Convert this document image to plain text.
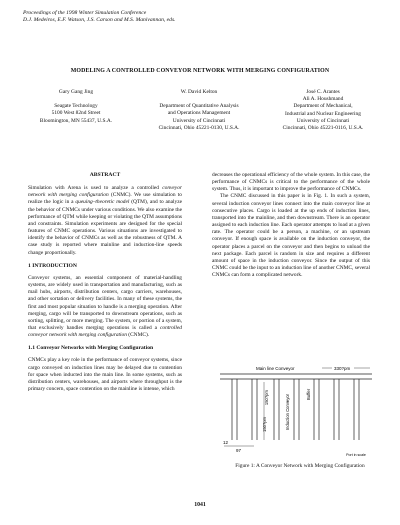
Proceedings of the 1998 Winter Simulation Conference
D.J. Medeiros, E.F. Watson, J.S. Carson and M.S. Manivannan, eds.
MODELING A CONTROLLED CONVEYOR NETWORK WITH MERGING CONFIGURATION
Gary Gang Jing
Seagate Technology
5100 West 82nd Street
Bloomington, MN 55437, U.S.A.
W. David Kelton
Department of Quantitative Analysis
and Operations Management
University of Cincinnati
Cincinnati, Ohio 45221-0130, U.S.A.
José C. Arantes
Ali A. Houshmand
Department of Mechanical,
Industrial and Nuclear Engineering
University of Cincinnati
Cincinnati, Ohio 45221-0116, U.S.A.

ABSTRACT

Simulation with Arena is used to analyze a controlled conveyor network with merging configuration (CNMC). We use simulation to realize the logic in a queuing–theoretic model (QTM), and to analyze the behavior of CNMCs under various conditions. We also examine the performance of QTM while keeping or violating the QTM assumptions and constraints. Simulation experiments are designed for the special features of CNMC operations. Various situations are investigated to identify the behavior of CNMCs as well as the robustness of QTM. A case study is reported where mainline and induction-line speeds change proportionally.

1 INTRODUCTION

Conveyor systems, an essential component of material-handling systems, are widely used in transportation and manufacturing, such as mail hubs, airports, distribution centers, cargo carriers, warehouses, and other sortation or delivery facilities. In many of these systems, the first and most popular situation to handle is a merging operation. After merging, cargo will be transported to downstream operations, such as sorting, splitting, or more merging. The system, or portion of a system, that exclusively handles merging operations is called a controlled conveyor network with merging configuration (CNMC).

1.1 Conveyor Networks with Merging Configuration

CNMCs play a key role in the performance of conveyor systems, since cargo conveyed on induction lines may be delayed due to contention for space when inducted into the main line. In some systems, such as distribution centers, warehouses, and airports where throughput is the primary concern, space contention on the mainline is intense, which

decreases the operational efficiency of the whole system. In this case, the performance of CNMCs is critical to the performance of the whole system. Thus, it is important to improve the performance of CNMCs.

The CNMC discussed in this paper is in Fig. 1. In such a system, several induction conveyor lines connect into the main conveyor line at consecutive places. Cargo is loaded at the up ends of induction lines, transported into the mainline, and then downstream. There is an operator assigned to each induction line. Each operator attempts to load at a given rate. The operator could be a person, a machine, or an upstream conveyor. If enough space is available on the induction conveyor, the operator places a parcel on the conveyor and then begins to unload the next package. Each parcel is random in size and requires a different amount of space in the induction conveyor. Since the output of this CNMC could be the input to an induction line of another CNMC, several CNMCs can form a complicated network.

Main line Conveyor	330?pm
150?pm
150?pm	Induction Conveyor	Buffer
12
97
Port in scale
Figure 1: A Conveyor Network with Merging Configuration
1041
